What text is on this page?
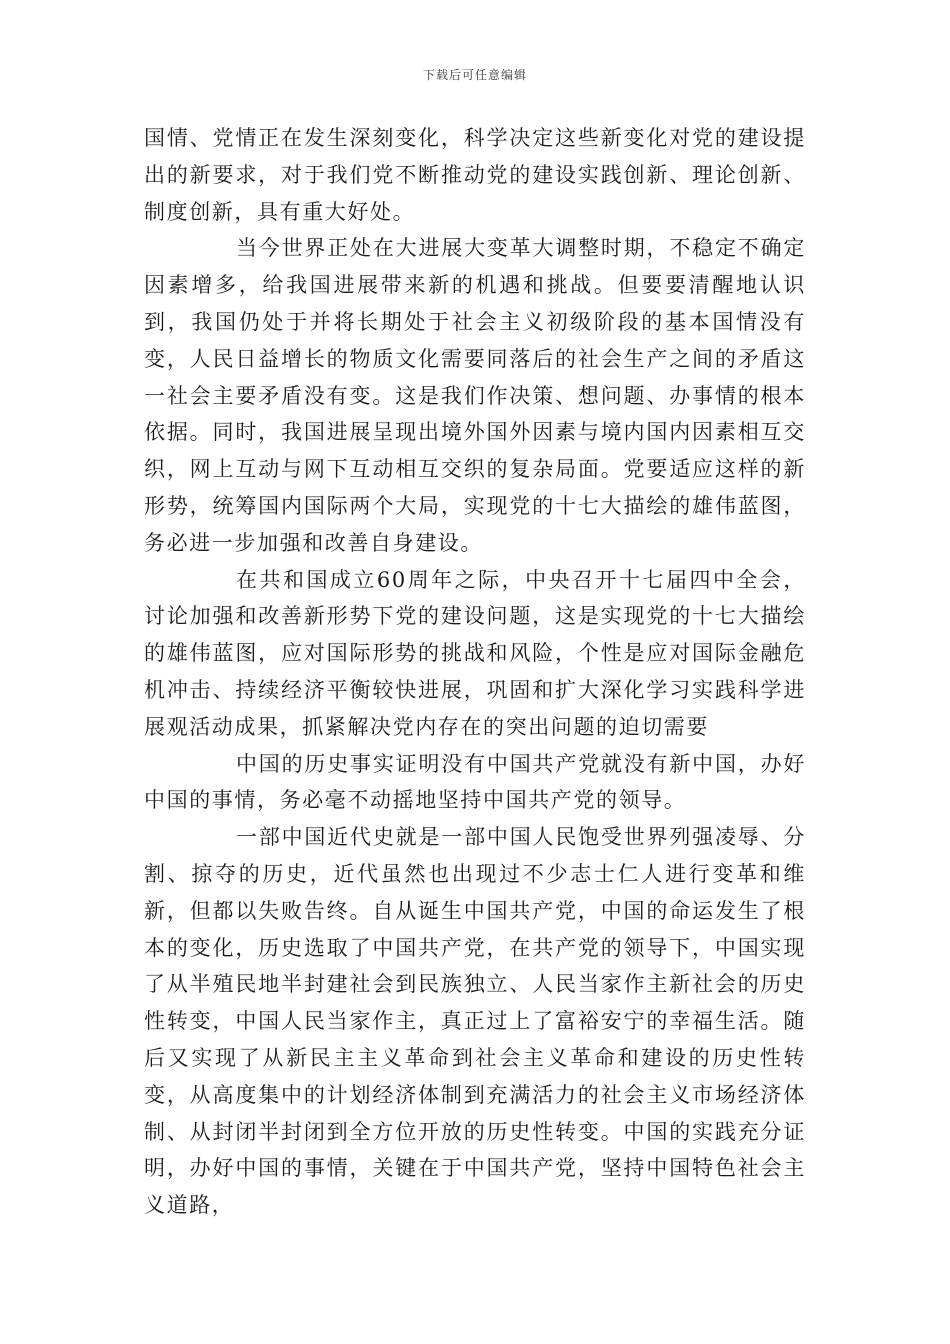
下载后可任意编辑

国情、党情正在发生深刻变化，科学决定这些新变化对党的建设提出的新要求，对于我们党不断推动党的建设实践创新、理论创新、制度创新，具有重大好处。

当今世界正处在大进展大变革大调整时期，不稳定不确定因素增多，给我国进展带来新的机遇和挑战。但要要清醒地认识到，我国仍处于并将长期处于社会主义初级阶段的基本国情没有变，人民日益增长的物质文化需要同落后的社会生产之间的矛盾这一社会主要矛盾没有变。这是我们作决策、想问题、办事情的根本依据。同时，我国进展呈现出境外国外因素与境内国内因素相互交织，网上互动与网下互动相互交织的复杂局面。党要适应这样的新形势，统筹国内国际两个大局，实现党的十七大描绘的雄伟蓝图，务必进一步加强和改善自身建设。

在共和国成立60周年之际，中央召开十七届四中全会，讨论加强和改善新形势下党的建设问题，这是实现党的十七大描绘的雄伟蓝图，应对国际形势的挑战和风险，个性是应对国际金融危机冲击、持续经济平衡较快进展，巩固和扩大深化学习实践科学进展观活动成果，抓紧解决党内存在的突出问题的迫切需要

中国的历史事实证明没有中国共产党就没有新中国，办好中国的事情，务必毫不动摇地坚持中国共产党的领导。

一部中国近代史就是一部中国人民饱受世界列强凌辱、分割、掠夺的历史，近代虽然也出现过不少志士仁人进行变革和维新，但都以失败告终。自从诞生中国共产党，中国的命运发生了根本的变化，历史选取了中国共产党，在共产党的领导下，中国实现了从半殖民地半封建社会到民族独立、人民当家作主新社会的历史性转变，中国人民当家作主，真正过上了富裕安宁的幸福生活。随后又实现了从新民主主义革命到社会主义革命和建设的历史性转变，从高度集中的计划经济体制到充满活力的社会主义市场经济体制、从封闭半封闭到全方位开放的历史性转变。中国的实践充分证明，办好中国的事情，关键在于中国共产党，坚持中国特色社会主义道路，
